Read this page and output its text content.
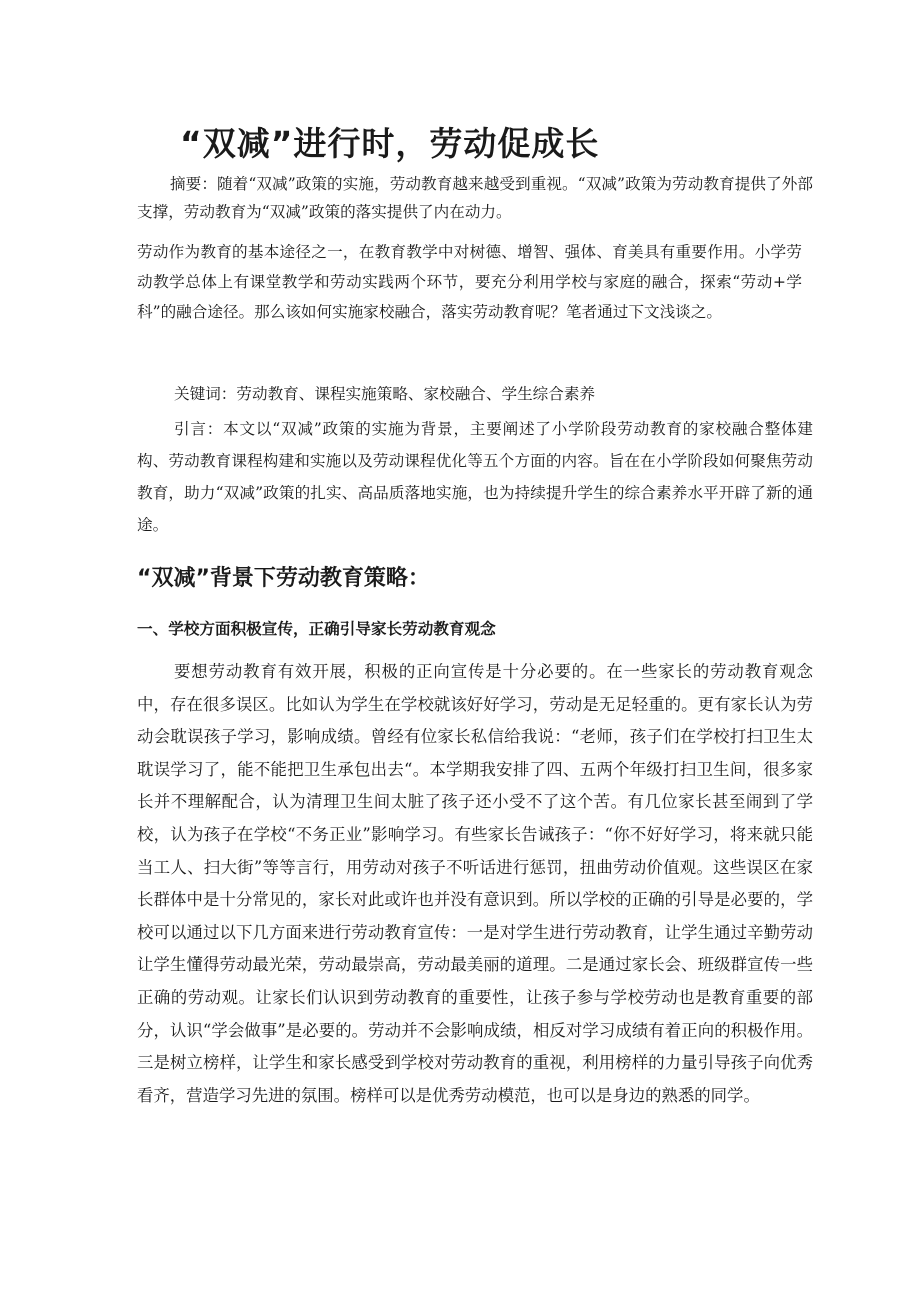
“双减”进行时，劳动促成长

摘要：随着“双减”政策的实施，劳动教育越来越受到重视。“双减”政策为劳动教育提供了外部支撑，劳动教育为“双减”政策的落实提供了内在动力。

劳动作为教育的基本途径之一，在教育教学中对树德、增智、强体、育美具有重要作用。小学劳动教学总体上有课堂教学和劳动实践两个环节，要充分利用学校与家庭的融合，探索“劳动+学科”的融合途径。那么该如何实施家校融合，落实劳动教育呢？笔者通过下文浅谈之。

关键词：劳动教育、课程实施策略、家校融合、学生综合素养

引言：本文以“双减”政策的实施为背景，主要阐述了小学阶段劳动教育的家校融合整体建构、劳动教育课程构建和实施以及劳动课程优化等五个方面的内容。旨在在小学阶段如何聚焦劳动教育，助力“双减”政策的扎实、高品质落地实施，也为持续提升学生的综合素养水平开辟了新的通途。

“双减”背景下劳动教育策略：
一、学校方面积极宣传，正确引导家长劳动教育观念

要想劳动教育有效开展，积极的正向宣传是十分必要的。在一些家长的劳动教育观念中，存在很多误区。比如认为学生在学校就该好好学习，劳动是无足轻重的。更有家长认为劳动会耽误孩子学习，影响成绩。曾经有位家长私信给我说：“老师，孩子们在学校打扫卫生太耽误学习了，能不能把卫生承包出去“。本学期我安排了四、五两个年级打扫卫生间，很多家长并不理解配合，认为清理卫生间太脏了孩子还小受不了这个苦。有几位家长甚至闹到了学校，认为孩子在学校“不务正业”影响学习。有些家长告诫孩子：“你不好好学习，将来就只能当工人、扫大街”等等言行，用劳动对孩子不听话进行惩罚，扭曲劳动价值观。这些误区在家长群体中是十分常见的，家长对此或许也并没有意识到。所以学校的正确的引导是必要的，学校可以通过以下几方面来进行劳动教育宣传：一是对学生进行劳动教育，让学生通过辛勤劳动让学生懂得劳动最光荣，劳动最崇高，劳动最美丽的道理。二是通过家长会、班级群宣传一些正确的劳动观。让家长们认识到劳动教育的重要性，让孩子参与学校劳动也是教育重要的部分，认识“学会做事”是必要的。劳动并不会影响成绩，相反对学习成绩有着正向的积极作用。三是树立榜样，让学生和家长感受到学校对劳动教育的重视，利用榜样的力量引导孩子向优秀看齐，营造学习先进的氛围。榜样可以是优秀劳动模范，也可以是身边的熟悉的同学。
